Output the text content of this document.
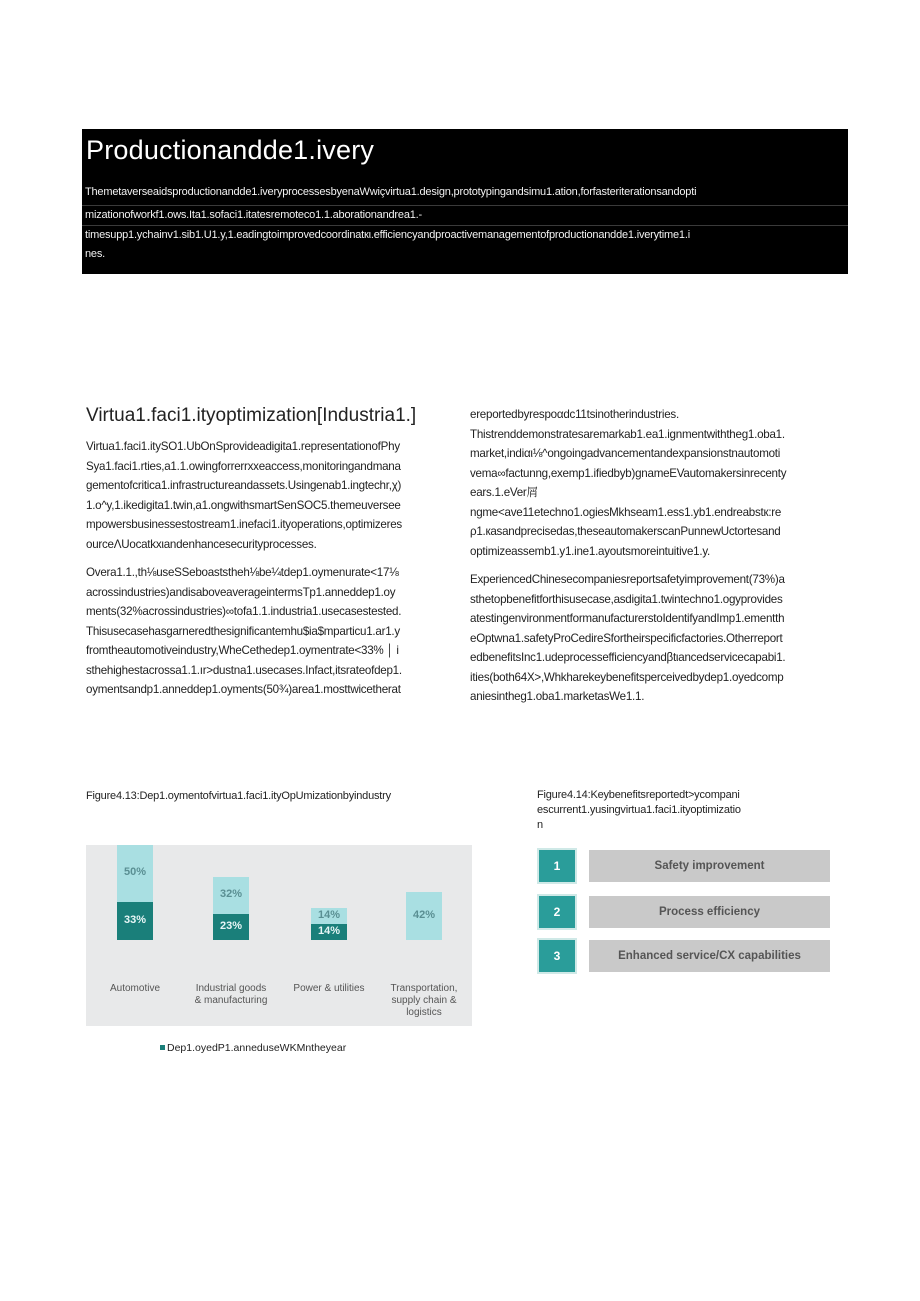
Productionandde1.ivery
Themetaverseaidsproductionandde1.iveryprocessesbyenaWwiçvirtua1.design,prototypingandsimu1.ation,forfasteriterationsandopti
mizationofworkf1.ows.Ita1.sofaci1.itatesremoteco1.1.aborationandrea1.-
timesupp1.ychainv1.sib1.U1.y,1.eadingtoimprovedcoordinatкι.efficiencyandproactivemanagementofproductionandde1.iverytime1.i
nes.
Virtua1.faci1.ityoptimization[Industria1.]

Virtua1.faci1.itySO1.UbOnSprovideadigita1.representationofPhy

Sya1.faci1.rties,a1.1.owingforrerrхxeaccess,monitoringandmana

gementofcritica1.infrastructureandassets.Usingenab1.ingtechr,χ)

1.o^y,1.ikedigita1.twin,a1.ongwithsmartSenSOC5.themeuversee

mpowersbusinessestostream1.inefaci1.ityoperations,optimizeres

ourceΛUocatkxιandenhancesecurityprocesses.

Overa1.1.,th⅛useSSeboaststheh⅛be¼tdep1.oymenurate<17⅛

acrossindustries)andisaboveaverageintermsTp1.anneddep1.oy

ments(32%acrossindustries)∞tofa1.1.industria1.usecasestested.

Thisusecasehasgarneredthesignificantemhu$ia$mparticu1.ar1.y

fromtheautomotiveindustry,WheCethedep1.oymentrate<33% │ i

sthehighestacrossa1.1.ır>dustna1.usecases.Infact,itsrateofdep1.

oymentsandp1.anneddep1.oyments(50¾)area1.mosttwicetherat

ereportedbyrespoαdc11tsinotherindustries.

Thistrenddemonstratesaremarkab1.ea1.ignmentwiththeg1.oba1.

market,indiαι⅛^ongoingadvancementandexpansionstnautomoti

vema∞factunng,exemp1.ifiedbyb)gnameEVautomakersinrecenty

ears.1.eVer屑

ngme<ave11etechno1.ogiesMkhseam1.ess1.yb1.endreabstк:re

ρ1.кasandprecisedas,theseautomakerscanPunnewUctortesand

optimizeassemb1.y1.ine1.ayoutsmoreintuitive1.y.

ExperiencedChinesecompaniesreportsafetyimprovement(73%)a

sthetopbenefitforthisusecase,asdigita1.twintechno1.ogyprovides

atestingenvironmentformanufacturerstoIdentifyandImp1.ementth

eOptwna1.safetyProCedireSfortheirspecificfactories.Otherreport

edbenefitsInc1.udeprocessefficiencyandβtιancedservicecapabi1.

ities(both64X>,Whkharekeybenefitsperceivedbydep1.oyedcomp

aniesintheg1.oba1.marketasWe1.1.

Figure4.13:Dep1.oymentofvirtua1.faci1.ityOpUmizationbyindustry
33%
50%
Automotive
23%
32%
Industrial goods
& manufacturing
14%
14%
Power & utilities
42%
Transportation,
supply chain &
logistics
Dep1.oyedP1.annedusеWKMntheyear
Figure4.14:Keybenefitsreportedt>ycompani
escurrent1.yusingvirtua1.faci1.ityoptimizatio
n
1	Safety improvement
2	Process efficiency
3	Enhanced service/CX capabilities
